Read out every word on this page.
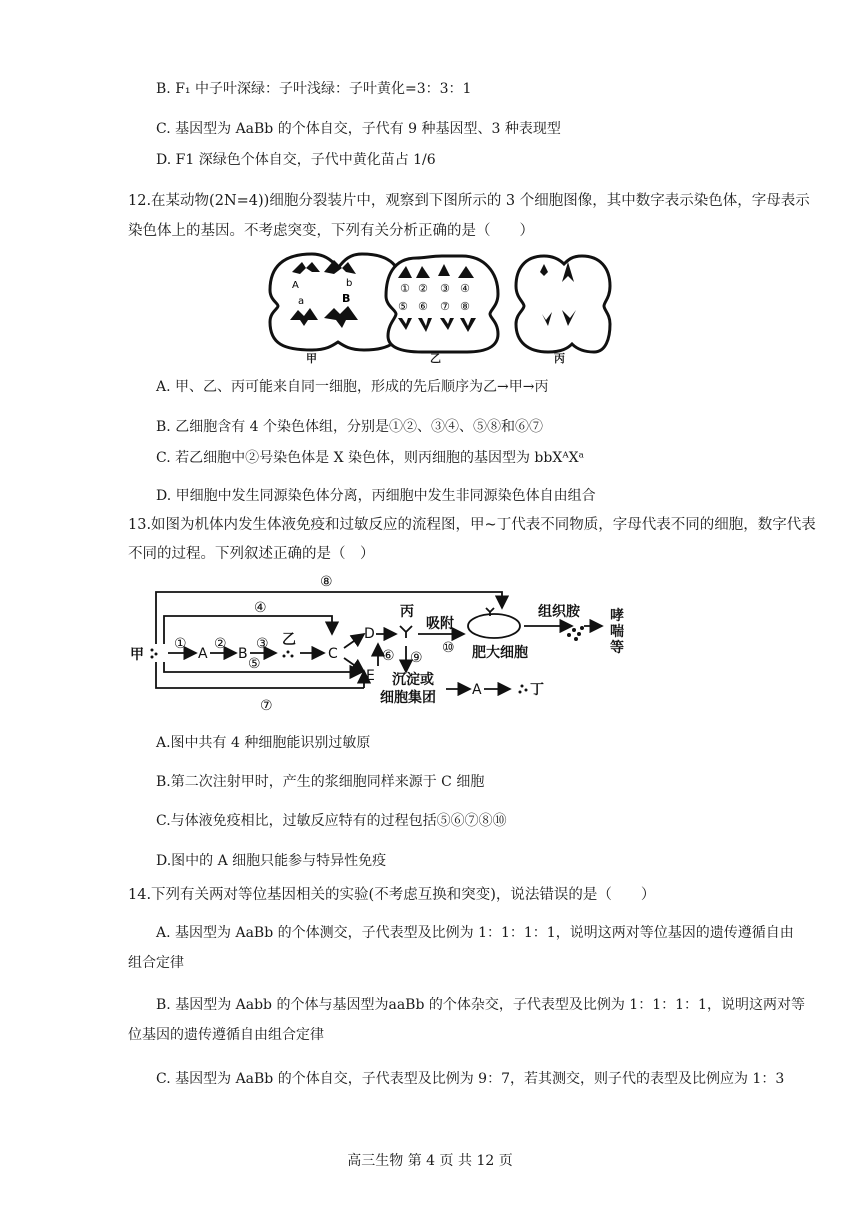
B. F₁ 中子叶深绿：子叶浅绿：子叶黄化=3：3：1
C. 基因型为 AaBb 的个体自交，子代有 9 种基因型、3 种表现型
D. F1 深绿色个体自交，子代中黄化苗占 1/6
12.在某动物(2N=4))细胞分裂装片中，观察到下图所示的 3 个细胞图像，其中数字表示染色体，字母表示
染色体上的基因。不考虑突变，下列有关分析正确的是（　　）
A	b
a	B
① ② ③ ④
⑤ ⑥ ⑦ ⑧
甲	乙	丙
A. 甲、乙、丙可能来自同一细胞，形成的先后顺序为乙→甲→丙
B. 乙细胞含有 4 个染色体组，分别是①②、③④、⑤⑧和⑥⑦
C. 若乙细胞中②号染色体是 X 染色体，则丙细胞的基因型为 bbXᴬXᵃ
D. 甲细胞中发生同源染色体分离，丙细胞中发生非同源染色体自由组合
13.如图为机体内发生体液免疫和过敏反应的流程图，甲~丁代表不同物质，字母代表不同的细胞，数字代表
不同的过程。下列叙述正确的是（　）
甲	A B	C
D
E
乙
丙
吸附
肥大细胞
组织胺 哮
喘
等
沉淀或
细胞集团	A	丁
① ② ③
④
⑤	⑥
⑦
⑧
⑨
⑩
A.图中共有 4 种细胞能识别过敏原
B.第二次注射甲时，产生的浆细胞同样来源于 C 细胞
C.与体液免疫相比，过敏反应特有的过程包括⑤⑥⑦⑧⑩
D.图中的 A 细胞只能参与特异性免疫
14.下列有关两对等位基因相关的实验(不考虑互换和突变)，说法错误的是（　　）
A. 基因型为 AaBb 的个体测交，子代表型及比例为 1：1：1：1，说明这两对等位基因的遗传遵循自由
组合定律
B. 基因型为 Aabb 的个体与基因型为aaBb 的个体杂交，子代表型及比例为 1：1：1：1，说明这两对等
位基因的遗传遵循自由组合定律
C. 基因型为 AaBb 的个体自交，子代表型及比例为 9：7，若其测交，则子代的表型及比例应为 1：3
高三生物 第 4 页 共 12 页
